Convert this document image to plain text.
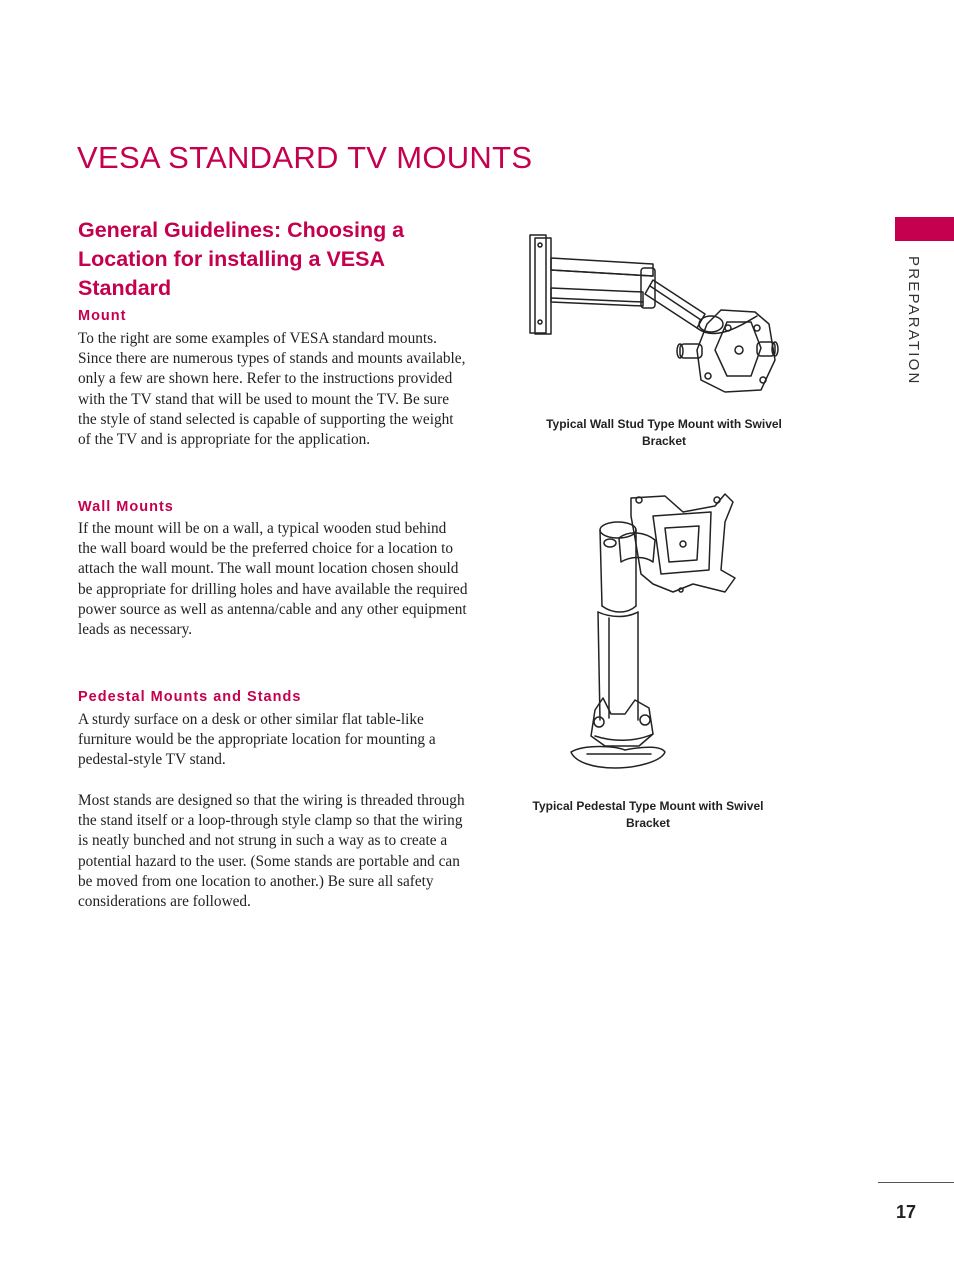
VESA STANDARD TV MOUNTS
General Guidelines: Choosing a Location for installing a VESA Standard
Mount

To the right are some examples of VESA standard mounts. Since there are numerous types of stands and mounts available, only a few are shown here. Refer to the instructions provided with the TV stand that will be used to mount the TV. Be sure the style of stand selected is capable of supporting the weight of the TV and is appropriate for the application.

Wall Mounts

If the mount will be on a wall, a typical wooden stud behind the wall board would be the preferred choice for a location to attach the wall mount. The wall mount location chosen should be appropriate for drilling holes and have available the required power source as well as antenna/cable and any other equipment leads as necessary.

Pedestal Mounts and Stands

A sturdy surface on a desk or other similar flat table-like furniture would be the appropriate location for mounting a pedestal-style TV stand.

Most stands are designed so that the wiring is threaded through the stand itself or a loop-through style clamp so that the wiring is neatly bunched and not strung in such a way as to create a potential hazard to the user. (Some stands are portable and can be moved from one location to another.) Be sure all safety considerations are followed.

Typical Wall Stud Type Mount with Swivel Bracket

Typical Pedestal Type Mount with Swivel Bracket

PREPARATION
17
